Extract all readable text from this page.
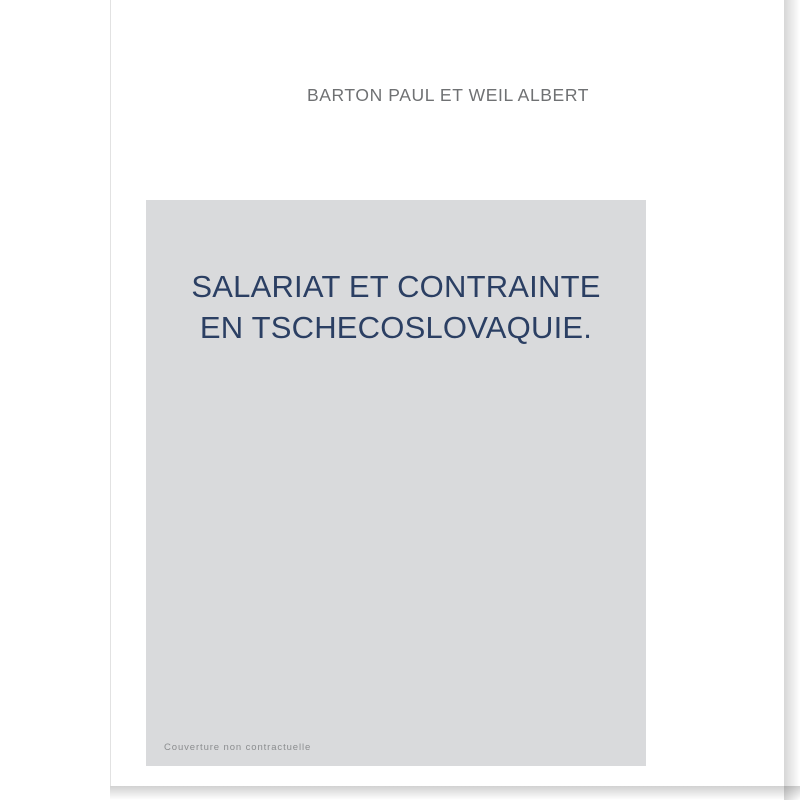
BARTON PAUL ET WEIL ALBERT
SALARIAT ET CONTRAINTE EN TSCHECOSLOVAQUIE.
Couverture non contractuelle
